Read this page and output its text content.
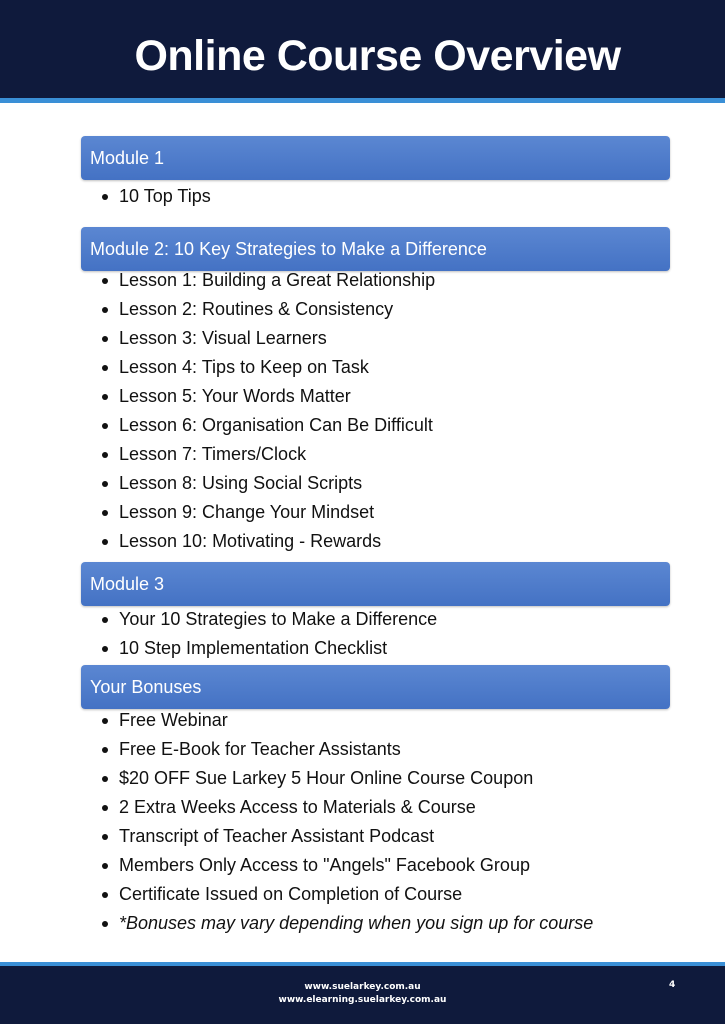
Online Course Overview
Module 1
10 Top Tips
Module 2: 10 Key Strategies to Make a Difference
Lesson 1: Building a Great Relationship
Lesson 2: Routines & Consistency
Lesson 3: Visual Learners
Lesson 4: Tips to Keep on Task
Lesson 5: Your Words Matter
Lesson 6: Organisation Can Be Difficult
Lesson 7: Timers/Clock
Lesson 8: Using Social Scripts
Lesson 9: Change Your Mindset
Lesson 10: Motivating - Rewards
Module 3
Your 10 Strategies to Make a Difference
10 Step Implementation Checklist
Your Bonuses
Free Webinar
Free E-Book for Teacher Assistants
$20 OFF Sue Larkey 5 Hour Online Course Coupon
2 Extra Weeks Access to Materials & Course
Transcript of Teacher Assistant Podcast
Members Only Access to "Angels" Facebook Group
Certificate Issued on Completion of Course
*Bonuses may vary depending when you sign up for course
www.suelarkey.com.au
www.elearning.suelarkey.com.au
4
